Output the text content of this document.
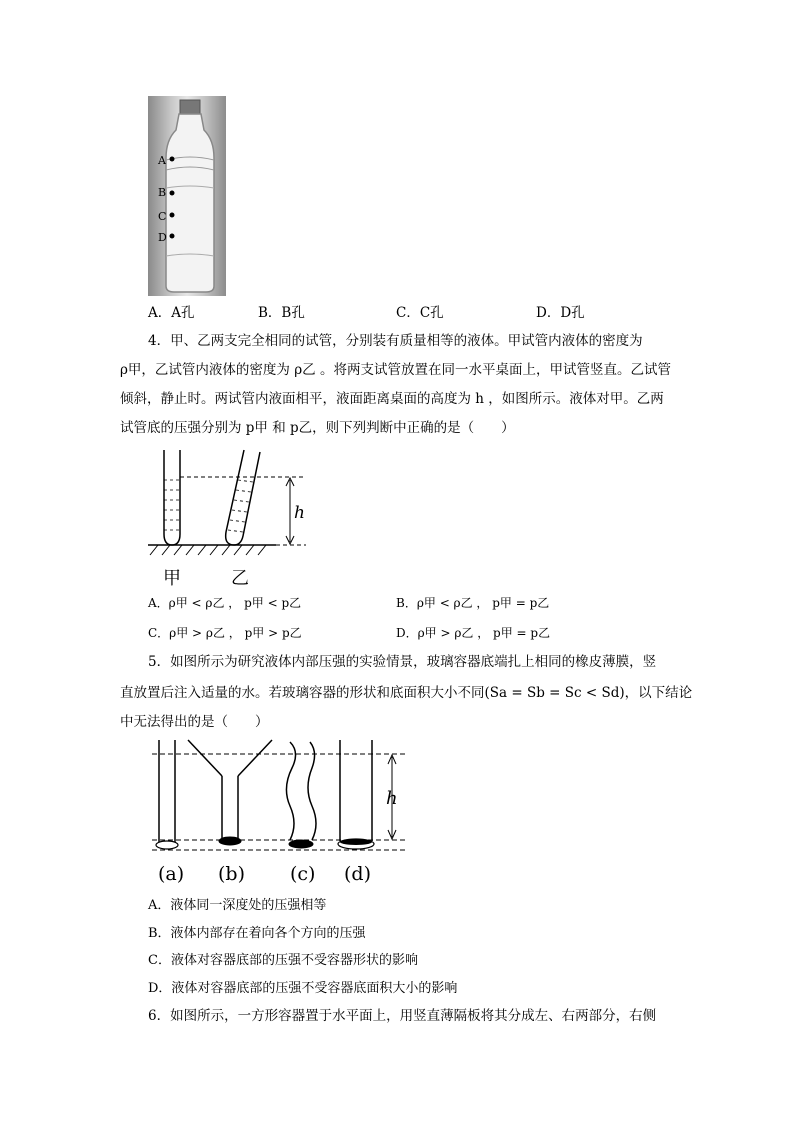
A
B
C
D
A．A孔	B．B孔	C．C孔	D．D孔
4．甲、乙两支完全相同的试管，分别装有质量相等的液体。甲试管内液体的密度为
ρ甲，乙试管内液体的密度为 ρ乙 。将两支试管放置在同一水平桌面上，甲试管竖直。乙试管
倾斜，静止时。两试管内液面相平，液面距离桌面的高度为 h ，如图所示。液体对甲。乙两
试管底的压强分别为 p甲 和 p乙，则下列判断中正确的是（　　）
h
甲	乙
A．ρ甲 < ρ乙 ， p甲 < p乙	B．ρ甲 < ρ乙 ， p甲 = p乙
C．ρ甲 > ρ乙 ， p甲 > p乙	D．ρ甲 > ρ乙 ， p甲 = p乙
5．如图所示为研究液体内部压强的实验情景，玻璃容器底端扎上相同的橡皮薄膜，竖
直放置后注入适量的水。若玻璃容器的形状和底面积大小不同(Sa = Sb = Sc < Sd)，以下结论
中无法得出的是（　　）
h
(a) (b) (c) (d)
A．液体同一深度处的压强相等
B．液体内部存在着向各个方向的压强
C．液体对容器底部的压强不受容器形状的影响
D．液体对容器底部的压强不受容器底面积大小的影响
6．如图所示，一方形容器置于水平面上，用竖直薄隔板将其分成左、右两部分，右侧
